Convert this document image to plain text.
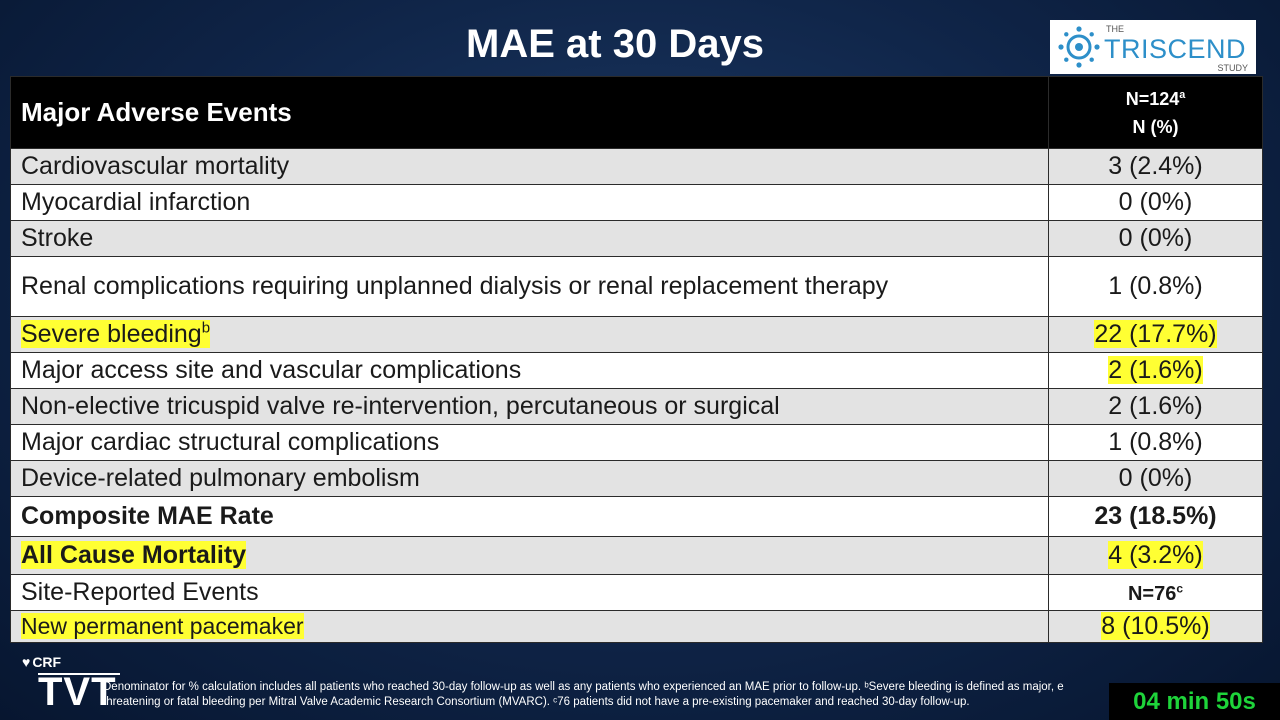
MAE at 30 Days	THE
TRISCEND
STUDY
Major Adverse Events	$N=124^a$
N (%)
Cardiovascular mortality	3 (2.4%)
Myocardial infarction	0 (0%)
Stroke	0 (0%)
Renal complications requiring unplanned dialysis or renal replacement therapy	1 (0.8%)
Severe bleeding$^b$	22 (17.7%)
Major access site and vascular complications	2 (1.6%)
Non-elective tricuspid valve re-intervention, percutaneous or surgical	2 (1.6%)
Major cardiac structural complications	1 (0.8%)
Device-related pulmonary embolism	0 (0%)
Composite MAE Rate	23 (18.5%)
All Cause Mortality	4 (3.2%)
Site-Reported Events	$N=76^c$
New permanent pacemaker	8 (10.5%)
♥ CRF
TVT
Denominator for % calculation includes all patients who reached 30-day follow-up as well as any patients who experienced an MAE prior to follow-up. ᵇSevere bleeding is defined as major, e
threatening or fatal bleeding per Mitral Valve Academic Research Consortium (MVARC). ᶜ76 patients did not have a pre-existing pacemaker and reached 30-day follow-up.	04 min 50s
